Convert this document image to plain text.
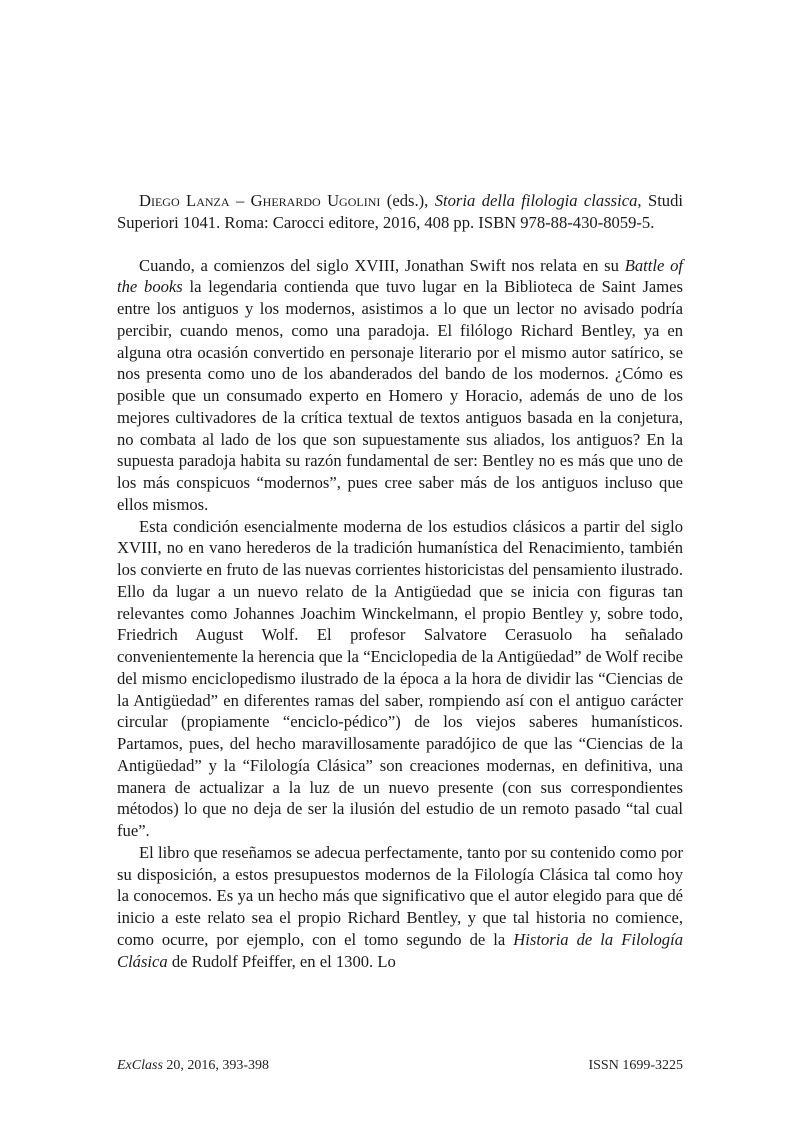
Diego Lanza – Gherardo Ugolini (eds.), Storia della filologia classica, Studi Superiori 1041. Roma: Carocci editore, 2016, 408 pp. ISBN 978-88-430-8059-5.

Cuando, a comienzos del siglo XVIII, Jonathan Swift nos relata en su Battle of the books la legendaria contienda que tuvo lugar en la Biblioteca de Saint James entre los antiguos y los modernos, asistimos a lo que un lector no avisado podría percibir, cuando menos, como una paradoja. El filólogo Richard Bentley, ya en alguna otra ocasión convertido en personaje literario por el mismo autor satírico, se nos presenta como uno de los abanderados del bando de los modernos. ¿Cómo es posible que un consumado experto en Homero y Horacio, además de uno de los mejores cultivadores de la crítica textual de textos antiguos basada en la conjetura, no combata al lado de los que son supuestamente sus aliados, los antiguos? En la supuesta paradoja habita su razón fundamental de ser: Bentley no es más que uno de los más conspicuos “modernos”, pues cree saber más de los antiguos incluso que ellos mismos.

Esta condición esencialmente moderna de los estudios clásicos a partir del siglo XVIII, no en vano herederos de la tradición humanística del Renacimiento, también los convierte en fruto de las nuevas corrientes historicistas del pensamiento ilustrado. Ello da lugar a un nuevo relato de la Antigüedad que se inicia con figuras tan relevantes como Johannes Joachim Winckelmann, el propio Bentley y, sobre todo, Friedrich August Wolf. El profesor Salvatore Cerasuolo ha señalado convenientemente la herencia que la “Enciclopedia de la Antigüedad” de Wolf recibe del mismo enciclopedismo ilustrado de la época a la hora de dividir las “Ciencias de la Antigüedad” en diferentes ramas del saber, rompiendo así con el antiguo carácter circular (propiamente “enciclo-pédico”) de los viejos saberes humanísticos. Partamos, pues, del hecho maravillosamente paradójico de que las “Ciencias de la Antigüedad” y la “Filología Clásica” son creaciones modernas, en definitiva, una manera de actualizar a la luz de un nuevo presente (con sus correspondientes métodos) lo que no deja de ser la ilusión del estudio de un remoto pasado “tal cual fue”.

El libro que reseñamos se adecua perfectamente, tanto por su contenido como por su disposición, a estos presupuestos modernos de la Filología Clásica tal como hoy la conocemos. Es ya un hecho más que significativo que el autor elegido para que dé inicio a este relato sea el propio Richard Bentley, y que tal historia no comience, como ocurre, por ejemplo, con el tomo segundo de la Historia de la Filología Clásica de Rudolf Pfeiffer, en el 1300. Lo

ExClass 20, 2016, 393-398	ISSN 1699-3225
